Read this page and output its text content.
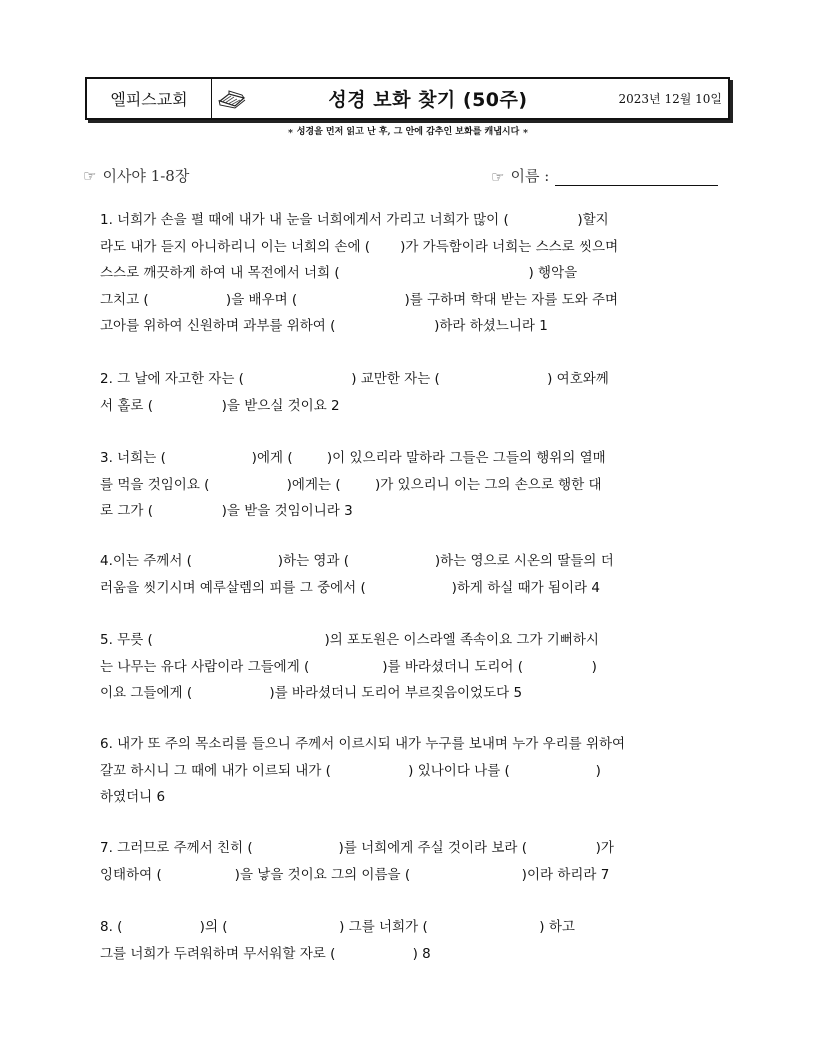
엘피스교회	성경 보화 찾기 (50주)	2023년 12월 10일
∗ 성경을 먼저 읽고 난 후, 그 안에 감추인 보화를 캐냅시다 ∗
☞ 이사야 1-8장	☞ 이름 :
1. 너희가 손을 펼 때에 내가 내 눈을 너희에게서 가리고 너희가 많이 (                )할지
라도 내가 듣지 아니하리니 이는 너희의 손에 (       )가 가득함이라 너희는 스스로 씻으며
스스로 깨끗하게 하여 내 목전에서 너희 (                                            ) 행악을
그치고 (                  )을 배우며 (                         )를 구하며 학대 받는 자를 도와 주며
고아를 위하여 신원하며 과부를 위하여 (                       )하라 하셨느니라 1
2. 그 날에 자고한 자는 (                         ) 교만한 자는 (                         ) 여호와께
서 홀로 (                )을 받으실 것이요 2
3. 너희는 (                    )에게 (        )이 있으리라 말하라 그들은 그들의 행위의 열매
를 먹을 것임이요 (                  )에게는 (        )가 있으리니 이는 그의 손으로 행한 대
로 그가 (                )을 받을 것임이니라 3
4.이는 주께서 (                    )하는 영과 (                    )하는 영으로 시온의 딸들의 더
러움을 씻기시며 예루살렘의 피를 그 중에서 (                    )하게 하실 때가 됨이라 4
5. 무릇 (                                        )의 포도원은 이스라엘 족속이요 그가 기뻐하시
는 나무는 유다 사람이라 그들에게 (                 )를 바라셨더니 도리어 (                )
이요 그들에게 (                  )를 바라셨더니 도리어 부르짖음이었도다 5
6. 내가 또 주의 목소리를 들으니 주께서 이르시되 내가 누구를 보내며 누가 우리를 위하여
갈꼬 하시니 그 때에 내가 이르되 내가 (                  ) 있나이다 나를 (                    )
하였더니 6
7. 그러므로 주께서 친히 (                    )를 너희에게 주실 것이라 보라 (                )가
잉태하여 (                 )을 낳을 것이요 그의 이름을 (                          )이라 하리라 7
8. (                  )의 (                          ) 그를 너희가 (                          ) 하고
그를 너희가 두려워하며 무서워할 자로 (                  ) 8
